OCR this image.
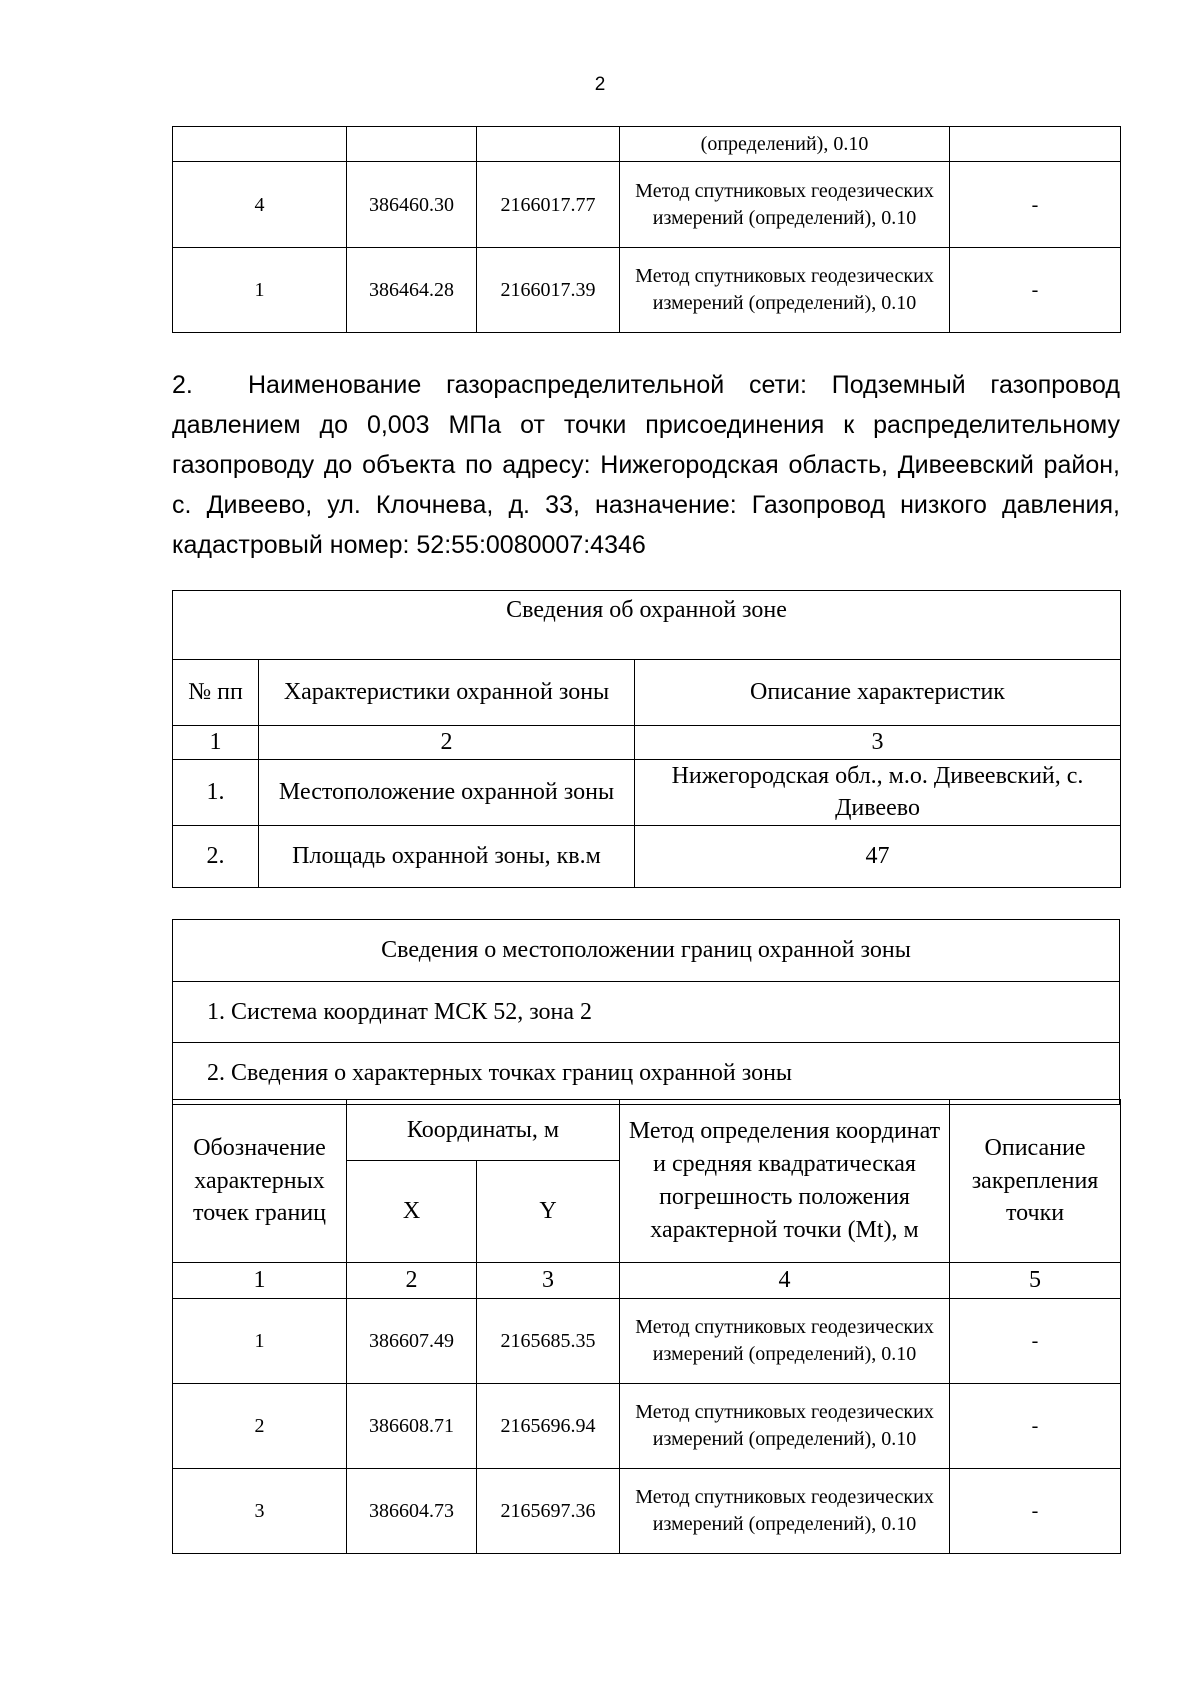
2
			(определений), 0.10	
4	386460.30	2166017.77	Метод спутниковых геодезических измерений (определений), 0.10	-
1	386464.28	2166017.39	Метод спутниковых геодезических измерений (определений), 0.10	-

2. Наименование газораспределительной сети: Подземный газопровод давлением до 0,003 МПа от точки присоединения к распределительному газопроводу до объекта по адресу: Нижегородская область, Дивеевский район, с. Дивеево, ул. Клочнева, д. 33, назначение: Газопровод низкого давления, кадастровый номер: 52:55:0080007:4346

Сведения об охранной зоне		
№ пп	Характеристики охранной зоны	Описание характеристик
1	2	3
1.	Местоположение охранной зоны	Нижегородская обл., м.о. Дивеевский, с. Дивеево
2.	Площадь охранной зоны, кв.м	47
Сведения о местоположении границ охранной зоны
1. Система координат МСК 52, зона 2
2. Сведения о характерных точках границ охранной зоны
Обозначение характерных точек границ	Координаты, м		Метод определения координат и средняя квадратическая погрешность положения характерной точки (Mt), м	Описание закрепления точки
	X	Y		
1	2	3	4	5
1	386607.49	2165685.35	Метод спутниковых геодезических измерений (определений), 0.10	-
2	386608.71	2165696.94	Метод спутниковых геодезических измерений (определений), 0.10	-
3	386604.73	2165697.36	Метод спутниковых геодезических измерений (определений), 0.10	-
